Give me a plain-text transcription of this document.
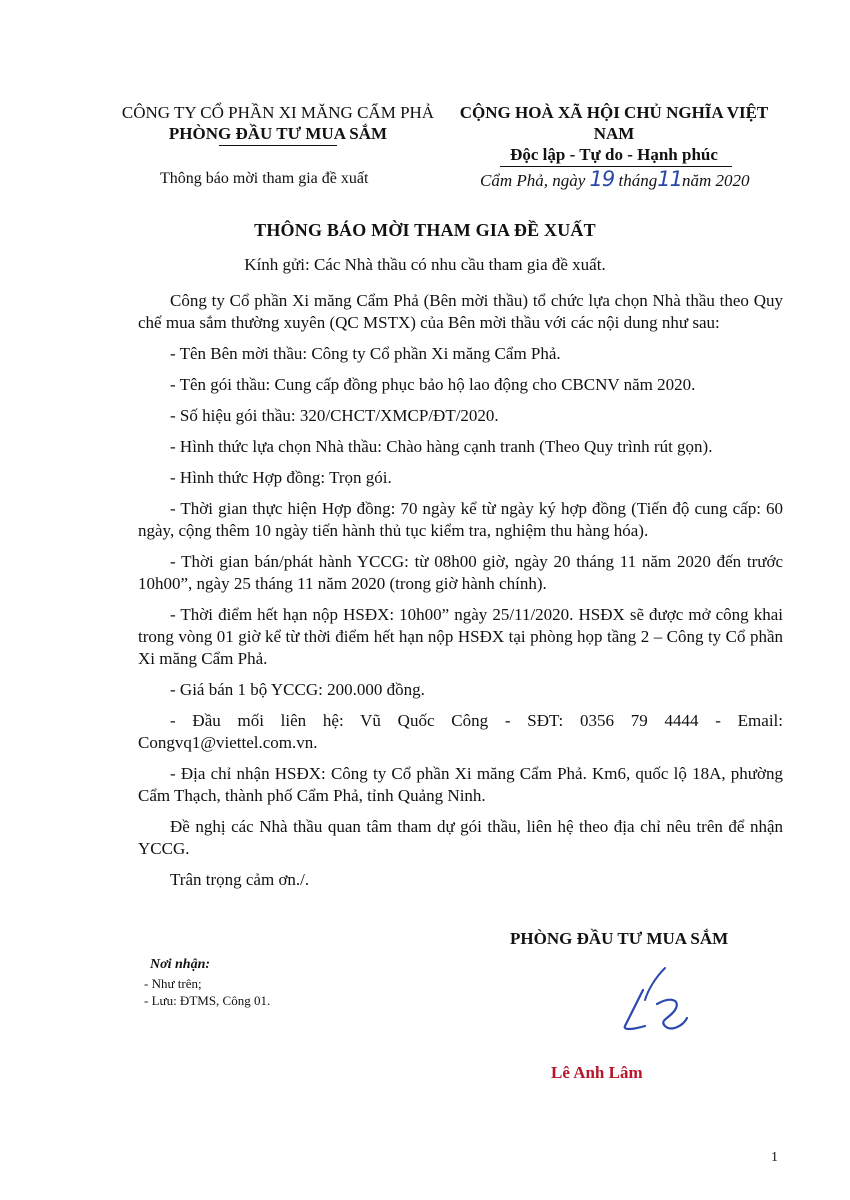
CÔNG TY CỔ PHẦN XI MĂNG CẨM PHẢ
PHÒNG ĐẦU TƯ MUA SẮM
CỘNG HOÀ XÃ HỘI CHỦ NGHĨA VIỆT NAM
Độc lập - Tự do - Hạnh phúc
Thông báo mời tham gia đề xuất	Cẩm Phả, ngày 19 tháng11năm 2020
THÔNG BÁO MỜI THAM GIA ĐỀ XUẤT
Kính gửi: Các Nhà thầu có nhu cầu tham gia đề xuất.

Công ty Cổ phần Xi măng Cẩm Phả (Bên mời thầu) tổ chức lựa chọn Nhà thầu theo Quy chế mua sắm thường xuyên (QC MSTX) của Bên mời thầu với các nội dung như sau:

- Tên Bên mời thầu: Công ty Cổ phần Xi măng Cẩm Phả.

- Tên gói thầu: Cung cấp đồng phục bảo hộ lao động cho CBCNV năm 2020.

- Số hiệu gói thầu: 320/CHCT/XMCP/ĐT/2020.

- Hình thức lựa chọn Nhà thầu: Chào hàng cạnh tranh (Theo Quy trình rút gọn).

- Hình thức Hợp đồng: Trọn gói.

- Thời gian thực hiện Hợp đồng: 70 ngày kể từ ngày ký hợp đồng (Tiến độ cung cấp: 60 ngày, cộng thêm 10 ngày tiến hành thủ tục kiểm tra, nghiệm thu hàng hóa).

- Thời gian bán/phát hành YCCG: từ 08h00 giờ, ngày 20 tháng 11 năm 2020 đến trước 10h00”, ngày 25 tháng 11 năm 2020 (trong giờ hành chính).

- Thời điểm hết hạn nộp HSĐX: 10h00” ngày 25/11/2020. HSĐX sẽ được mở công khai trong vòng 01 giờ kể từ thời điểm hết hạn nộp HSĐX tại phòng họp tầng 2 – Công ty Cổ phần Xi măng Cẩm Phả.

- Giá bán 1 bộ YCCG: 200.000 đồng.

- Đầu mối liên hệ: Vũ Quốc Công - SĐT: 0356 79 4444 - Email: Congvq1@viettel.com.vn.

- Địa chỉ nhận HSĐX: Công ty Cổ phần Xi măng Cẩm Phả. Km6, quốc lộ 18A, phường Cẩm Thạch, thành phố Cẩm Phả, tỉnh Quảng Ninh.

Đề nghị các Nhà thầu quan tâm tham dự gói thầu, liên hệ theo địa chỉ nêu trên để nhận YCCG.

Trân trọng cảm ơn./.

PHÒNG ĐẦU TƯ MUA SẮM
Nơi nhận:
- Như trên;
- Lưu: ĐTMS, Công 01.
Lê Anh Lâm
1
